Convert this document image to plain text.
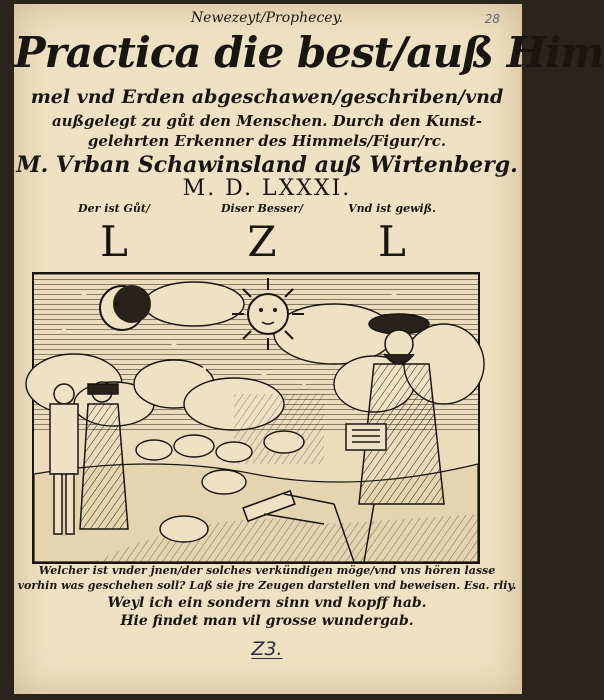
28
Newezeyt/Prophecey.
Practica die best/auß Him
mel vnd Erden abgeschawen/geschriben/vnd
außgelegt zu gůt den Menschen. Durch den Kunst-
gelehrten Erkenner des Himmels/Figur/rc.
M. Vrban Schawinsland auß Wirtenberg.
M. D. LXXXI.
Der ist Gůt/
L
Diser Besser/
Z
Vnd ist gewiß.
L
Welcher ist vnder jnen/der solches verkündigen möge/vnd vns hören lasse
vorhin was geschehen soll? Laß sie jre Zeugen darstellen vnd beweisen. Esa. rliy.
Weyl ich ein sondern sinn vnd kopff hab.
Hie findet man vil grosse wundergab.
Z3.
